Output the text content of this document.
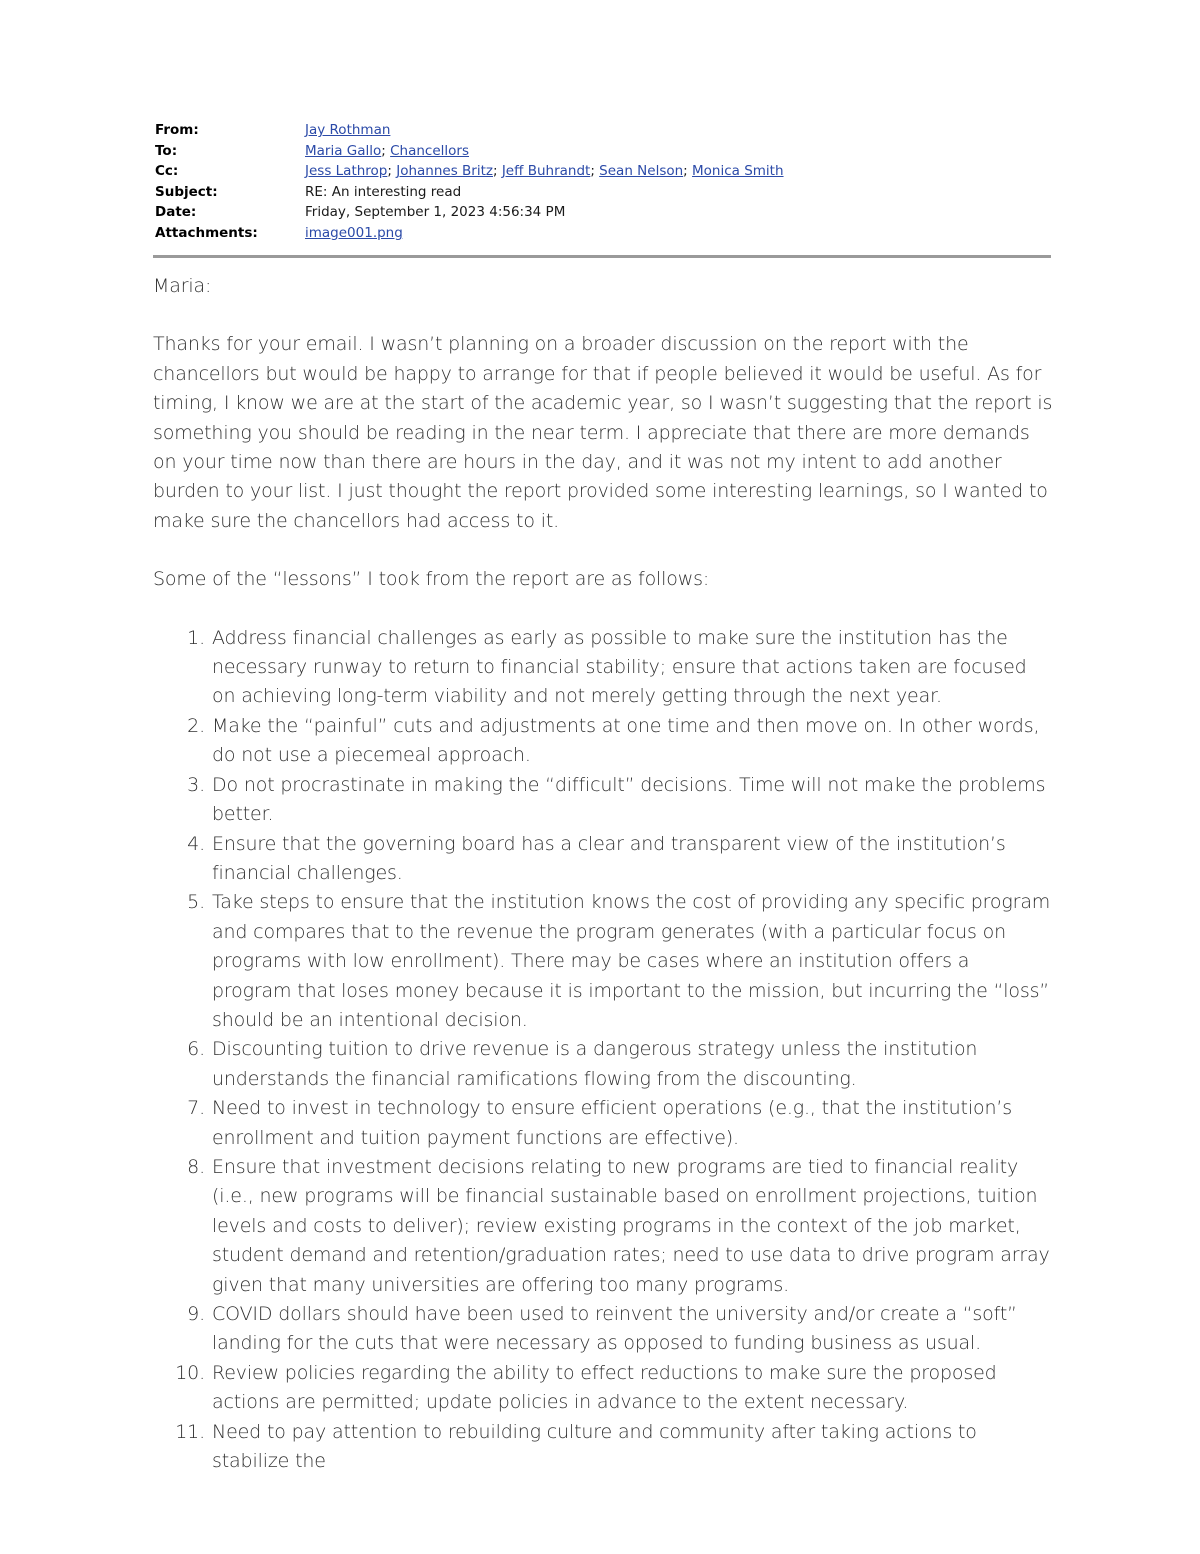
From:	Jay Rothman
To:	Maria Gallo; Chancellors
Cc:	Jess Lathrop; Johannes Britz; Jeff Buhrandt; Sean Nelson; Monica Smith
Subject:	RE: An interesting read
Date:	Friday, September 1, 2023 4:56:34 PM
Attachments:	image001.png

Maria:

Thanks for your email. I wasn’t planning on a broader discussion on the report with the chancellors but would be happy to arrange for that if people believed it would be useful. As for timing, I know we are at the start of the academic year, so I wasn’t suggesting that the report is something you should be reading in the near term. I appreciate that there are more demands on your time now than there are hours in the day, and it was not my intent to add another burden to your list. I just thought the report provided some interesting learnings, so I wanted to make sure the chancellors had access to it.

Some of the “lessons” I took from the report are as follows:

1. Address financial challenges as early as possible to make sure the institution has the necessary runway to return to financial stability; ensure that actions taken are focused on achieving long-term viability and not merely getting through the next year.
2. Make the “painful” cuts and adjustments at one time and then move on. In other words, do not use a piecemeal approach.
3. Do not procrastinate in making the “difficult” decisions. Time will not make the problems better.
4. Ensure that the governing board has a clear and transparent view of the institution’s financial challenges.
5. Take steps to ensure that the institution knows the cost of providing any specific program and compares that to the revenue the program generates (with a particular focus on programs with low enrollment). There may be cases where an institution offers a program that loses money because it is important to the mission, but incurring the “loss” should be an intentional decision.
6. Discounting tuition to drive revenue is a dangerous strategy unless the institution understands the financial ramifications flowing from the discounting.
7. Need to invest in technology to ensure efficient operations (e.g., that the institution’s enrollment and tuition payment functions are effective).
8. Ensure that investment decisions relating to new programs are tied to financial reality (i.e., new programs will be financial sustainable based on enrollment projections, tuition levels and costs to deliver); review existing programs in the context of the job market, student demand and retention/graduation rates; need to use data to drive program array given that many universities are offering too many programs.
9. COVID dollars should have been used to reinvent the university and/or create a “soft” landing for the cuts that were necessary as opposed to funding business as usual.
10. Review policies regarding the ability to effect reductions to make sure the proposed actions are permitted; update policies in advance to the extent necessary.
11. Need to pay attention to rebuilding culture and community after taking actions to stabilize the
